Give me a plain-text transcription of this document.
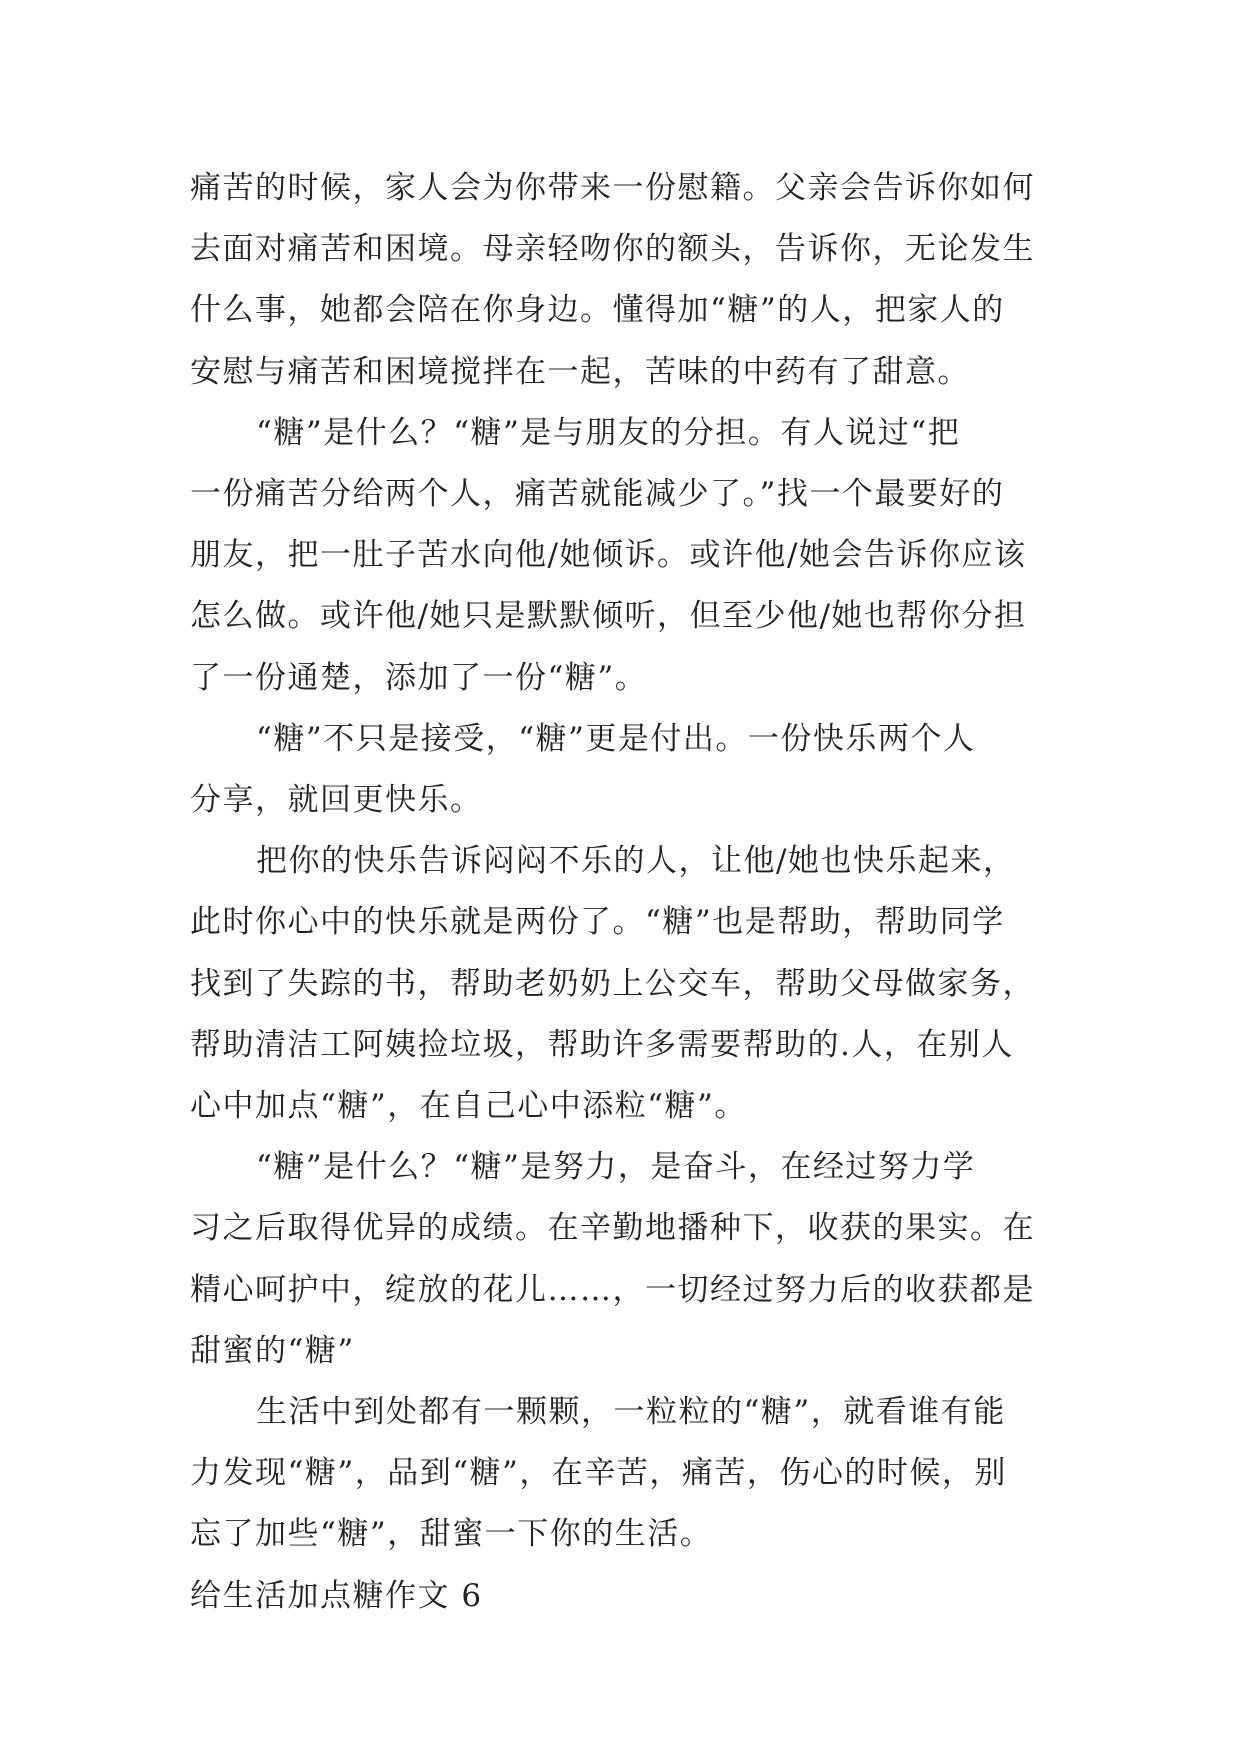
痛苦的时候，家人会为你带来一份慰籍。父亲会告诉你如何
去面对痛苦和困境。母亲轻吻你的额头，告诉你，无论发生
什么事，她都会陪在你身边。懂得加“糖”的人，把家人的
安慰与痛苦和困境搅拌在一起，苦味的中药有了甜意。
“糖”是什么？“糖”是与朋友的分担。有人说过“把
一份痛苦分给两个人，痛苦就能减少了。”找一个最要好的
朋友，把一肚子苦水向他/她倾诉。或许他/她会告诉你应该
怎么做。或许他/她只是默默倾听，但至少他/她也帮你分担
了一份通楚，添加了一份“糖”。
“糖”不只是接受，“糖”更是付出。一份快乐两个人
分享，就回更快乐。
把你的快乐告诉闷闷不乐的人，让他/她也快乐起来，
此时你心中的快乐就是两份了。“糖”也是帮助，帮助同学
找到了失踪的书，帮助老奶奶上公交车，帮助父母做家务，
帮助清洁工阿姨捡垃圾，帮助许多需要帮助的.人，在别人
心中加点“糖”，在自己心中添粒“糖”。
“糖”是什么？“糖”是努力，是奋斗，在经过努力学
习之后取得优异的成绩。在辛勤地播种下，收获的果实。在
精心呵护中，绽放的花儿……，一切经过努力后的收获都是
甜蜜的“糖”
生活中到处都有一颗颗，一粒粒的“糖”，就看谁有能
力发现“糖”，品到“糖”，在辛苦，痛苦，伤心的时候，别
忘了加些“糖”，甜蜜一下你的生活。
给生活加点糖作文 6
